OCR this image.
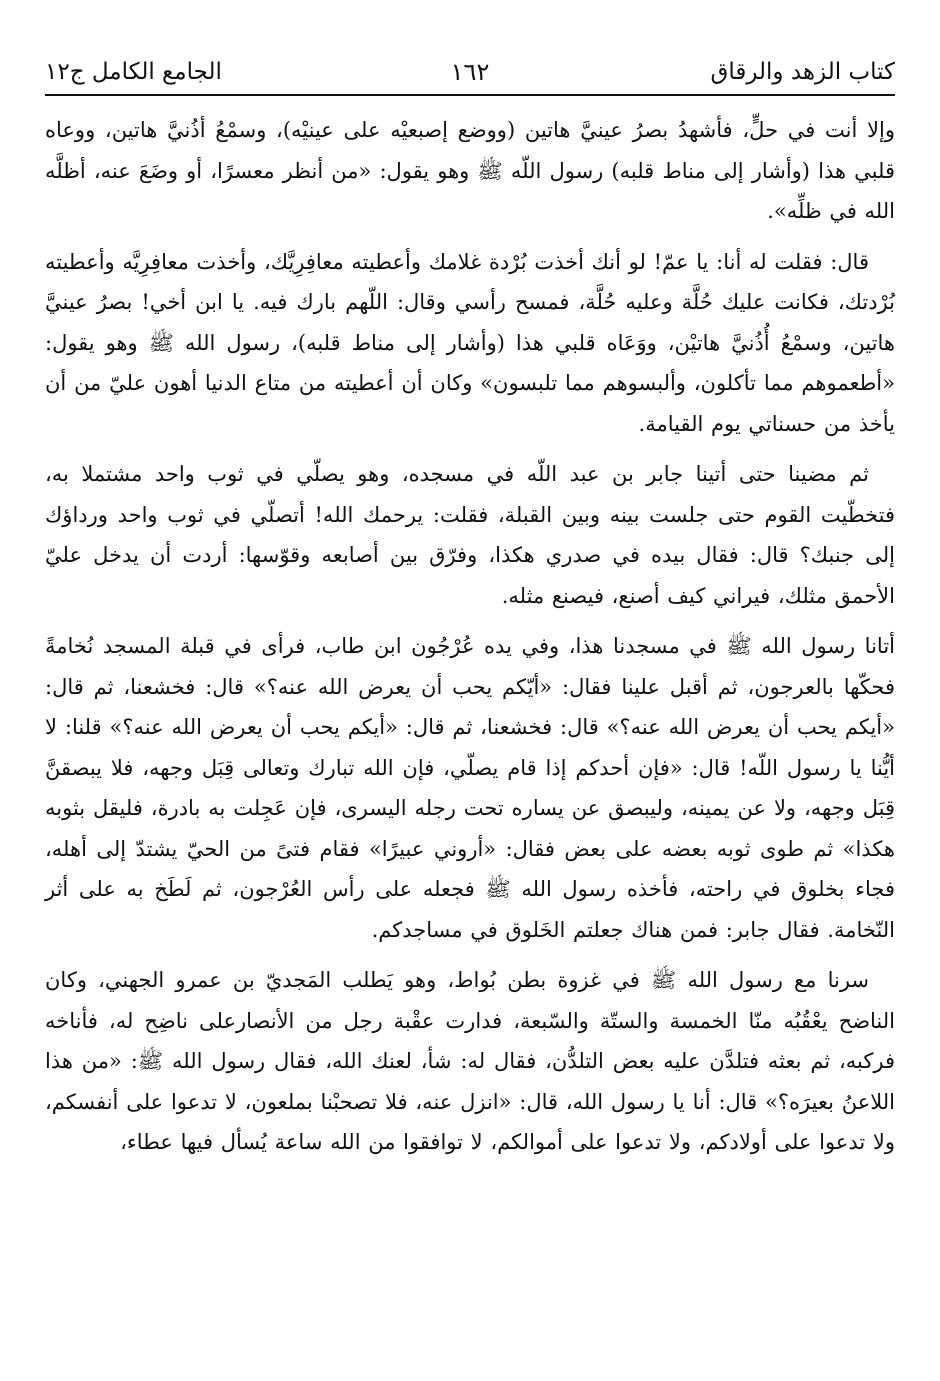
كتاب الزهد والرقاق
١٦٢
الجامع الكامل ج١٢

وإلا أنت في حلٍّ، فأشهدُ بصرُ عينيَّ هاتين (ووضع إصبعيْه على عينيْه)، وسمْعُ أذُنيَّ هاتين، ووعاه قلبي هذا (وأشار إلى مناط قلبه) رسول اللّه ﷺ وهو يقول: «من أنظر معسرًا، أو وضَعَ عنه، أظلَّه الله في ظلِّه».

قال: فقلت له أنا: يا عمّ! لو أنك أخذت بُرْدة غلامك وأعطيته معافِرِيَّك، وأخذت معافِرِيَّه وأعطيته بُرْدتك، فكانت عليك حُلَّة وعليه حُلَّة، فمسح رأسي وقال: اللّهم بارك فيه. يا ابن أخي! بصرُ عينيَّ هاتين، وسمْعُ أُذُنيَّ هاتيْن، ووَعَاه قلبي هذا (وأشار إلى مناط قلبه)، رسول الله ﷺ وهو يقول: «أطعموهم مما تأكلون، وألبسوهم مما تلبسون» وكان أن أعطيته من متاع الدنيا أهون عليّ من أن يأخذ من حسناتي يوم القيامة.

ثم مضينا حتى أتينا جابر بن عبد اللّه في مسجده، وهو يصلّي في ثوب واحد مشتملا به، فتخطّيت القوم حتى جلست بينه وبين القبلة، فقلت: يرحمك الله! أتصلّي في ثوب واحد ورداؤك إلى جنبك؟ قال: فقال بيده في صدري هكذا، وفرّق بين أصابعه وقوّسها: أردت أن يدخل عليّ الأحمق مثلك، فيراني كيف أصنع، فيصنع مثله.

أتانا رسول الله ﷺ في مسجدنا هذا، وفي يده عُرْجُون ابن طاب، فرأى في قبلة المسجد نُخامةً فحكّها بالعرجون، ثم أقبل علينا فقال: «أيّكم يحب أن يعرض الله عنه؟» قال: فخشعنا، ثم قال: «أيكم يحب أن يعرض الله عنه؟» قال: فخشعنا، ثم قال: «أيكم يحب أن يعرض الله عنه؟» قلنا: لا أيُّنا يا رسول اللّه! قال: «فإن أحدكم إذا قام يصلّي، فإن الله تبارك وتعالى قِبَل وجهه، فلا يبصقنَّ قِبَل وجهه، ولا عن يمينه، وليبصق عن يساره تحت رجله اليسرى، فإن عَجِلت به بادرة، فليقل بثوبه هكذا» ثم طوى ثوبه بعضه على بعض فقال: «أروني عبيرًا» فقام فتىً من الحيّ يشتدّ إلى أهله، فجاء بخلوق في راحته، فأخذه رسول الله ﷺ فجعله على رأس العُرْجون، ثم لَطَخ به على أثر النّخامة. فقال جابر: فمن هناك جعلتم الخَلوق في مساجدكم.

سرنا مع رسول الله ﷺ في غزوة بطن بُواط، وهو يَطلب المَجديّ بن عمرو الجهني، وكان الناضح يعْقُبُه منّا الخمسة والستّة والسّبعة، فدارت عقْبة رجل من الأنصارعلى ناضِح له، فأناخه فركبه، ثم بعثه فتلدَّن عليه بعض التلدُّن، فقال له: شأ، لعنك الله، فقال رسول الله ﷺ: «من هذا اللاعنُ بعيرَه؟» قال: أنا يا رسول الله، قال: «انزل عنه، فلا تصحبْنا بملعون، لا تدعوا على أنفسكم، ولا تدعوا على أولادكم، ولا تدعوا على أموالكم، لا توافقوا من الله ساعة يُسأل فيها عطاء،
